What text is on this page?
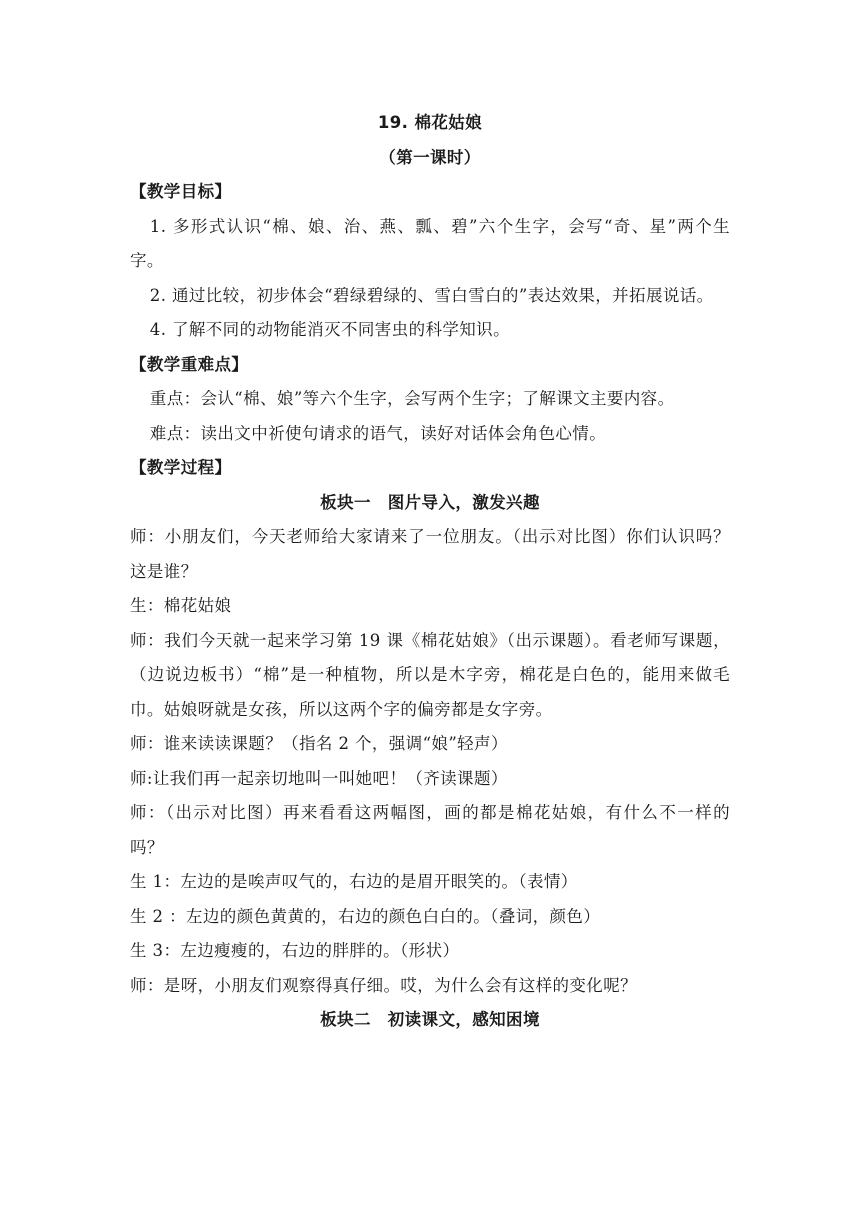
19. 棉花姑娘

（第一课时）

【教学目标】

1. 多形式认识“棉、娘、治、燕、瓢、碧”六个生字，会写“奇、星”两个生字。

2. 通过比较，初步体会“碧绿碧绿的、雪白雪白的”表达效果，并拓展说话。

4. 了解不同的动物能消灭不同害虫的科学知识。

【教学重难点】

重点：会认“棉、娘”等六个生字，会写两个生字；了解课文主要内容。

难点：读出文中祈使句请求的语气，读好对话体会角色心情。

【教学过程】

板块一　图片导入，激发兴趣

师：小朋友们，今天老师给大家请来了一位朋友。（出示对比图）你们认识吗？这是谁？

生：棉花姑娘

师：我们今天就一起来学习第 19 课《棉花姑娘》（出示课题）。看老师写课题，（边说边板书）“棉”是一种植物，所以是木字旁，棉花是白色的，能用来做毛巾。姑娘呀就是女孩，所以这两个字的偏旁都是女字旁。

师：谁来读读课题？（指名 2 个，强调“娘”轻声）

师:让我们再一起亲切地叫一叫她吧！（齐读课题）

师：（出示对比图）再来看看这两幅图，画的都是棉花姑娘，有什么不一样的吗？

生 1：左边的是唉声叹气的，右边的是眉开眼笑的。（表情）

生 2 ：左边的颜色黄黄的，右边的颜色白白的。（叠词，颜色）

生 3：左边瘦瘦的，右边的胖胖的。（形状）

师：是呀，小朋友们观察得真仔细。哎，为什么会有这样的变化呢？

板块二　初读课文，感知困境
